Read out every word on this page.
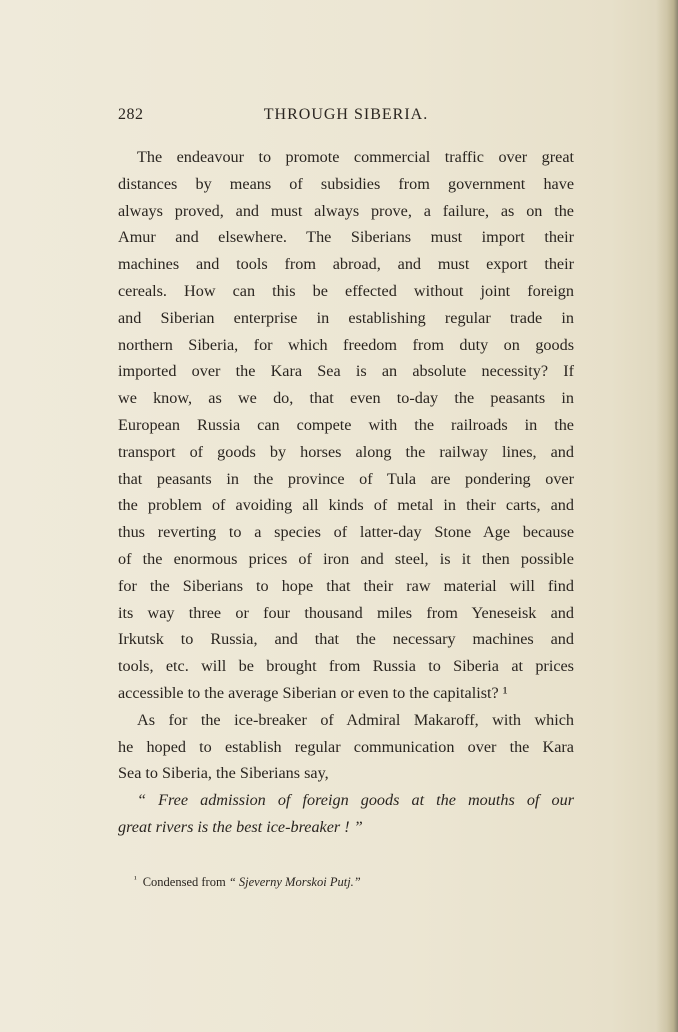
282	THROUGH SIBERIA.
The endeavour to promote commercial traffic over great
distances by means of subsidies from government have
always proved, and must always prove, a failure, as on the
Amur and elsewhere. The Siberians must import their
machines and tools from abroad, and must export their
cereals. How can this be effected without joint foreign
and Siberian enterprise in establishing regular trade in
northern Siberia, for which freedom from duty on goods
imported over the Kara Sea is an absolute necessity? If
we know, as we do, that even to-day the peasants in
European Russia can compete with the railroads in the
transport of goods by horses along the railway lines, and
that peasants in the province of Tula are pondering over
the problem of avoiding all kinds of metal in their carts, and
thus reverting to a species of latter-day Stone Age because
of the enormous prices of iron and steel, is it then possible
for the Siberians to hope that their raw material will find
its way three or four thousand miles from Yeneseisk and
Irkutsk to Russia, and that the necessary machines and
tools, etc. will be brought from Russia to Siberia at prices
accessible to the average Siberian or even to the capitalist? ¹
As for the ice-breaker of Admiral Makaroff, with which
he hoped to establish regular communication over the Kara
Sea to Siberia, the Siberians say,
“ Free admission of foreign goods at the mouths of our
great rivers is the best ice-breaker ! ”
$^{^1}$ Condensed from “ Sjeverny Morskoi Putj.”
